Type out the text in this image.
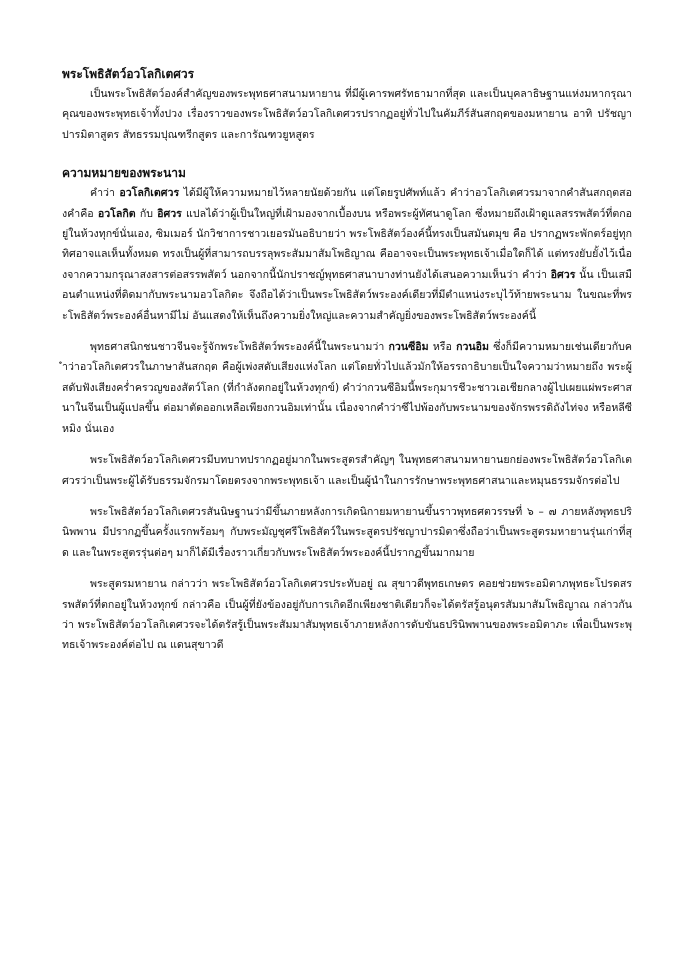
พระโพธิสัตว์อวโลกิเตศวร

เป็นพระโพธิสัตว์องค์สำคัญของพระพุทธศาสนามหายาน ที่มีผู้เคารพศรัทธามากที่สุด และเป็นบุคลาธิษฐานแห่งมหากรุณาคุณของพระพุทธเจ้าทั้งปวง เรื่องราวของพระโพธิสัตว์อวโลกิเตศวรปรากฏอยู่ทั่วไปในคัมภีร์สันสกฤตของมหายาน อาทิ ปรัชญาปารมิตาสูตร สัทธรรมปุณฑรีกสูตร และการัณฑวยูหสูตร

ความหมายของพระนาม

คำว่า อวโลกิเตศวร ได้มีผู้ให้ความหมายไว้หลายนัยด้วยกัน แต่โดยรูปศัพท์แล้ว คำว่าอวโลกิเตศวรมาจากคำสันสกฤตสองคำคือ อวโลกิต กับ อิศวร แปลได้ว่าผู้เป็นใหญ่ที่เฝ้ามองจากเบื้องบน หรือพระผู้ทัศนาดูโลก ซึ่งหมายถึงเฝ้าดูแลสรรพสัตว์ที่ตกอยู่ในห้วงทุกข์นั่นเอง, ซิมเมอร์ นักวิชาการชาวเยอรมันอธิบายว่า พระโพธิสัตว์องค์นี้ทรงเป็นสมันตมุข คือ ปรากฏพระพักตร์อยู่ทุกทิศอาจแลเห็นทั้งหมด ทรงเป็นผู้ที่สามารถบรรลุพระสัมมาสัมโพธิญาณ คืออาจจะเป็นพระพุทธเจ้าเมื่อใดก็ได้ แต่ทรงยับยั้งไว้เนื่องจากความกรุณาสงสารต่อสรรพสัตว์ นอกจากนี้นักปราชญ์พุทธศาสนาบางท่านยังได้เสนอความเห็นว่า คำว่า อิศวร นั้น เป็นเสมือนตำแหน่งที่ติดมากับพระนามอวโลกิตะ จึงถือได้ว่าเป็นพระโพธิสัตว์พระองค์เดียวที่มีตำแหน่งระบุไว้ท้ายพระนาม ในขณะที่พระโพธิสัตว์พระองค์อื่นหามีไม่ อันแสดงให้เห็นถึงความยิ่งใหญ่และความสำคัญยิ่งของพระโพธิสัตว์พระองค์นี้

พุทธศาสนิกชนชาวจีนจะรู้จักพระโพธิสัตว์พระองค์นี้ในพระนามว่า กวนซีอิม หรือ กวนอิม ซึ่งก็มีความหมายเช่นเดียวกับคำว่าอวโลกิเตศวรในภาษาสันสกฤต คือผู้เพ่งสดับเสียงแห่งโลก แต่โดยทั่วไปแล้วมักให้อรรถาธิบายเป็นใจความว่าหมายถึง พระผู้สดับฟังเสียงคร่ำครวญของสัตว์โลก (ที่กำลังตกอยู่ในห้วงทุกข์) คำว่ากวนซีอิมนี้พระกุมารชีวะชาวเอเชียกลางผู้ไปเผยแผ่พระศาสนาในจีนเป็นผู้แปลขึ้น ต่อมาตัดออกเหลือเพียงกวนอิมเท่านั้น เนื่องจากคำว่าซีไปพ้องกับพระนามของจักรพรรดิถังไท่จง หรือหลีซีหมิง นั่นเอง

พระโพธิสัตว์อวโลกิเตศวรมีบทบาทปรากฏอยู่มากในพระสูตรสำคัญๆ ในพุทธศาสนามหายานยกย่องพระโพธิสัตว์อวโลกิเตศวรว่าเป็นพระผู้ได้รับธรรมจักรมาโดยตรงจากพระพุทธเจ้า และเป็นผู้นำในการรักษาพระพุทธศาสนาและหมุนธรรมจักรต่อไป

พระโพธิสัตว์อวโลกิเตศวรสันนิษฐานว่ามีขึ้นภายหลังการเกิดนิกายมหายานขึ้นราวพุทธศตวรรษที่ ๖ – ๗ ภายหลังพุทธปรินิพพาน มีปรากฏขึ้นครั้งแรกพร้อมๆ กับพระมัญชุศรีโพธิสัตว์ในพระสูตรปรัชญาปารมิตาซึ่งถือว่าเป็นพระสูตรมหายานรุ่นเก่าที่สุด และในพระสูตรรุ่นต่อๆ มาก็ได้มีเรื่องราวเกี่ยวกับพระโพธิสัตว์พระองค์นี้ปรากฏขึ้นมากมาย

พระสูตรมหายาน กล่าวว่า พระโพธิสัตว์อวโลกิเตศวรประทับอยู่ ณ สุขาวดีพุทธเกษตร คอยช่วยพระอมิตาภพุทธะโปรดสรรพสัตว์ที่ตกอยู่ในห้วงทุกข์ กล่าวคือ เป็นผู้ที่ยังข้องอยู่กับการเกิดอีกเพียงชาติเดียวก็จะได้ตรัสรู้อนุตรสัมมาสัมโพธิญาณ กล่าวกันว่า พระโพธิสัตว์อวโลกิเตศวรจะได้ตรัสรู้เป็นพระสัมมาสัมพุทธเจ้าภายหลังการดับขันธปรินิพพานของพระอมิตาภะ เพื่อเป็นพระพุทธเจ้าพระองค์ต่อไป ณ แดนสุขาวดี
